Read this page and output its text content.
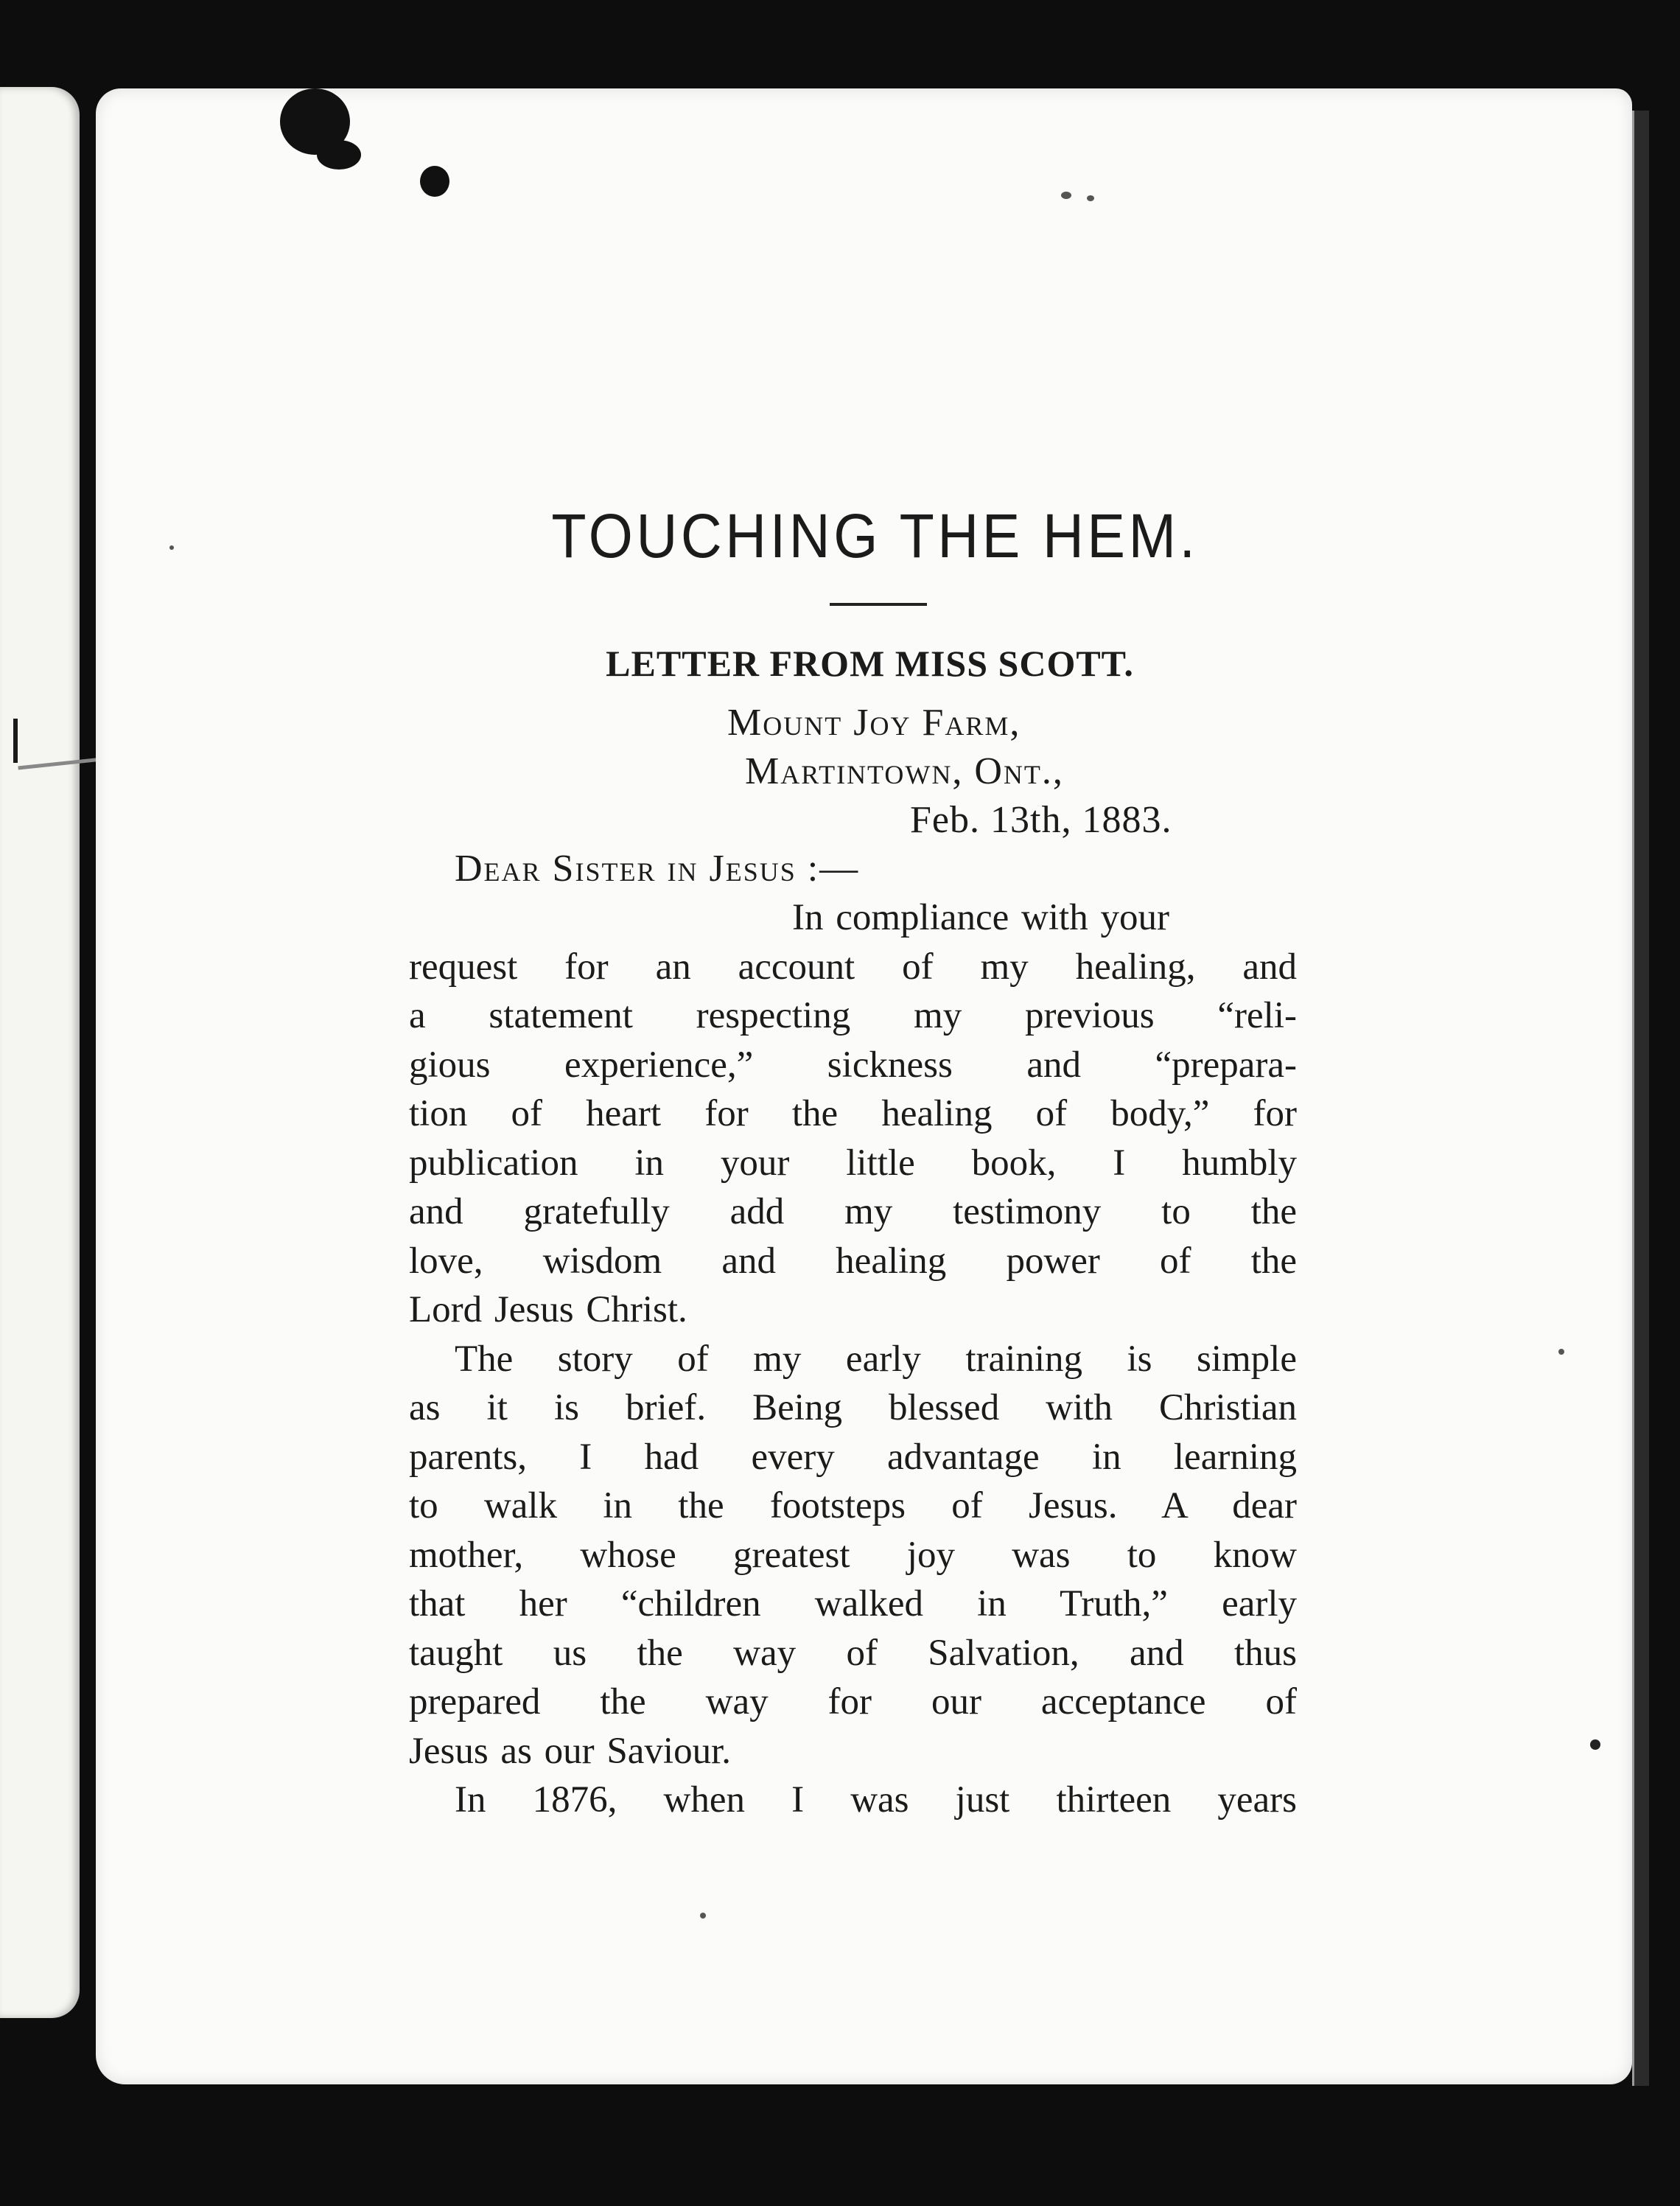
TOUCHING THE HEM.
LETTER FROM MISS SCOTT.
Mount Joy Farm,
Martintown, Ont.,
Feb. 13th, 1883.
Dear Sister in Jesus :—

In compliance with your
request for an account of my healing, and
a statement respecting my previous “reli-
gious experience,” sickness and “prepara-
tion of heart for the healing of body,” for
publication in your little book, I humbly
and gratefully add my testimony to the
love, wisdom and healing power of the
Lord Jesus Christ.

The story of my early training is simple
as it is brief. Being blessed with Christian
parents, I had every advantage in learning
to walk in the footsteps of Jesus. A dear
mother, whose greatest joy was to know
that her “children walked in Truth,” early
taught us the way of Salvation, and thus
prepared the way for our acceptance of
Jesus as our Saviour.

In 1876, when I was just thirteen years
